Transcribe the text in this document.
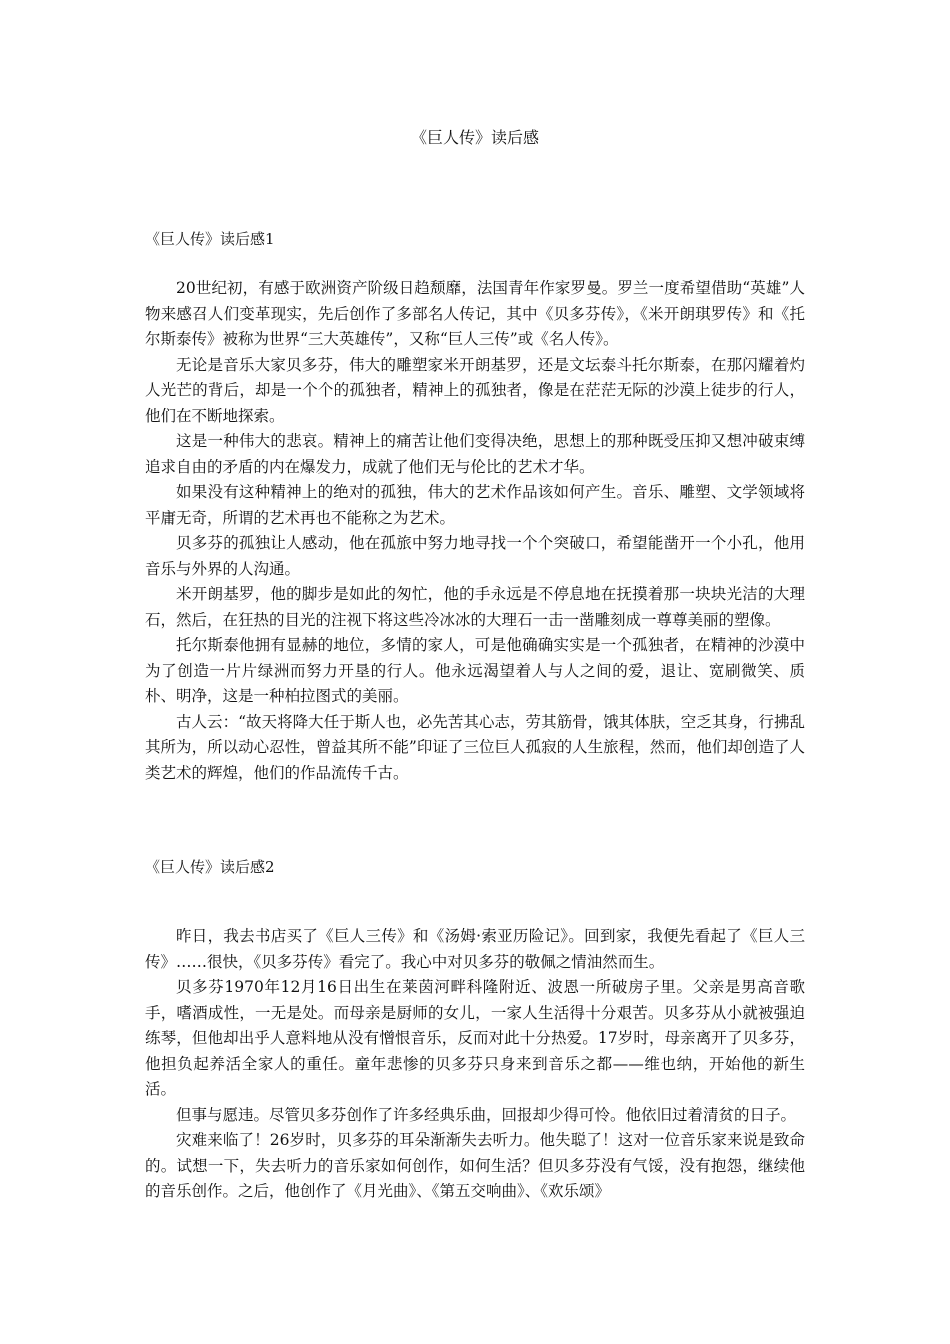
《巨人传》读后感
《巨人传》读后感1

20世纪初，有感于欧洲资产阶级日趋颓靡，法国青年作家罗曼。罗兰一度希望借助“英雄”人物来感召人们变革现实，先后创作了多部名人传记，其中《贝多芬传》，《米开朗琪罗传》和《托尔斯泰传》被称为世界“三大英雄传”，又称“巨人三传”或《名人传》。

无论是音乐大家贝多芬，伟大的雕塑家米开朗基罗，还是文坛泰斗托尔斯泰，在那闪耀着灼人光芒的背后，却是一个个的孤独者，精神上的孤独者，像是在茫茫无际的沙漠上徒步的行人，他们在不断地探索。

这是一种伟大的悲哀。精神上的痛苦让他们变得决绝，思想上的那种既受压抑又想冲破束缚追求自由的矛盾的内在爆发力，成就了他们无与伦比的艺术才华。

如果没有这种精神上的绝对的孤独，伟大的艺术作品该如何产生。音乐、雕塑、文学领域将平庸无奇，所谓的艺术再也不能称之为艺术。

贝多芬的孤独让人感动，他在孤旅中努力地寻找一个个突破口，希望能凿开一个小孔，他用音乐与外界的人沟通。

米开朗基罗，他的脚步是如此的匆忙，他的手永远是不停息地在抚摸着那一块块光洁的大理石，然后，在狂热的目光的注视下将这些冷冰冰的大理石一击一凿雕刻成一尊尊美丽的塑像。

托尔斯泰他拥有显赫的地位，多情的家人，可是他确确实实是一个孤独者，在精神的沙漠中为了创造一片片绿洲而努力开垦的行人。他永远渴望着人与人之间的爱，退让、宽刷微笑、质朴、明净，这是一种柏拉图式的美丽。

古人云：“故天将降大任于斯人也，必先苦其心志，劳其筋骨，饿其体肤，空乏其身，行拂乱其所为，所以动心忍性，曾益其所不能”印证了三位巨人孤寂的人生旅程，然而，他们却创造了人类艺术的辉煌，他们的作品流传千古。

《巨人传》读后感2

昨日，我去书店买了《巨人三传》和《汤姆·索亚历险记》。回到家，我便先看起了《巨人三传》……很快，《贝多芬传》看完了。我心中对贝多芬的敬佩之情油然而生。

贝多芬1970年12月16日出生在莱茵河畔科隆附近、波恩一所破房子里。父亲是男高音歌手，嗜酒成性，一无是处。而母亲是厨师的女儿，一家人生活得十分艰苦。贝多芬从小就被强迫练琴，但他却出乎人意料地从没有憎恨音乐，反而对此十分热爱。17岁时，母亲离开了贝多芬，他担负起养活全家人的重任。童年悲惨的贝多芬只身来到音乐之都——维也纳，开始他的新生活。

但事与愿违。尽管贝多芬创作了许多经典乐曲，回报却少得可怜。他依旧过着清贫的日子。

灾难来临了！26岁时，贝多芬的耳朵渐渐失去听力。他失聪了！这对一位音乐家来说是致命的。试想一下，失去听力的音乐家如何创作，如何生活？但贝多芬没有气馁，没有抱怨，继续他的音乐创作。之后，他创作了《月光曲》、《第五交响曲》、《欢乐颂》
